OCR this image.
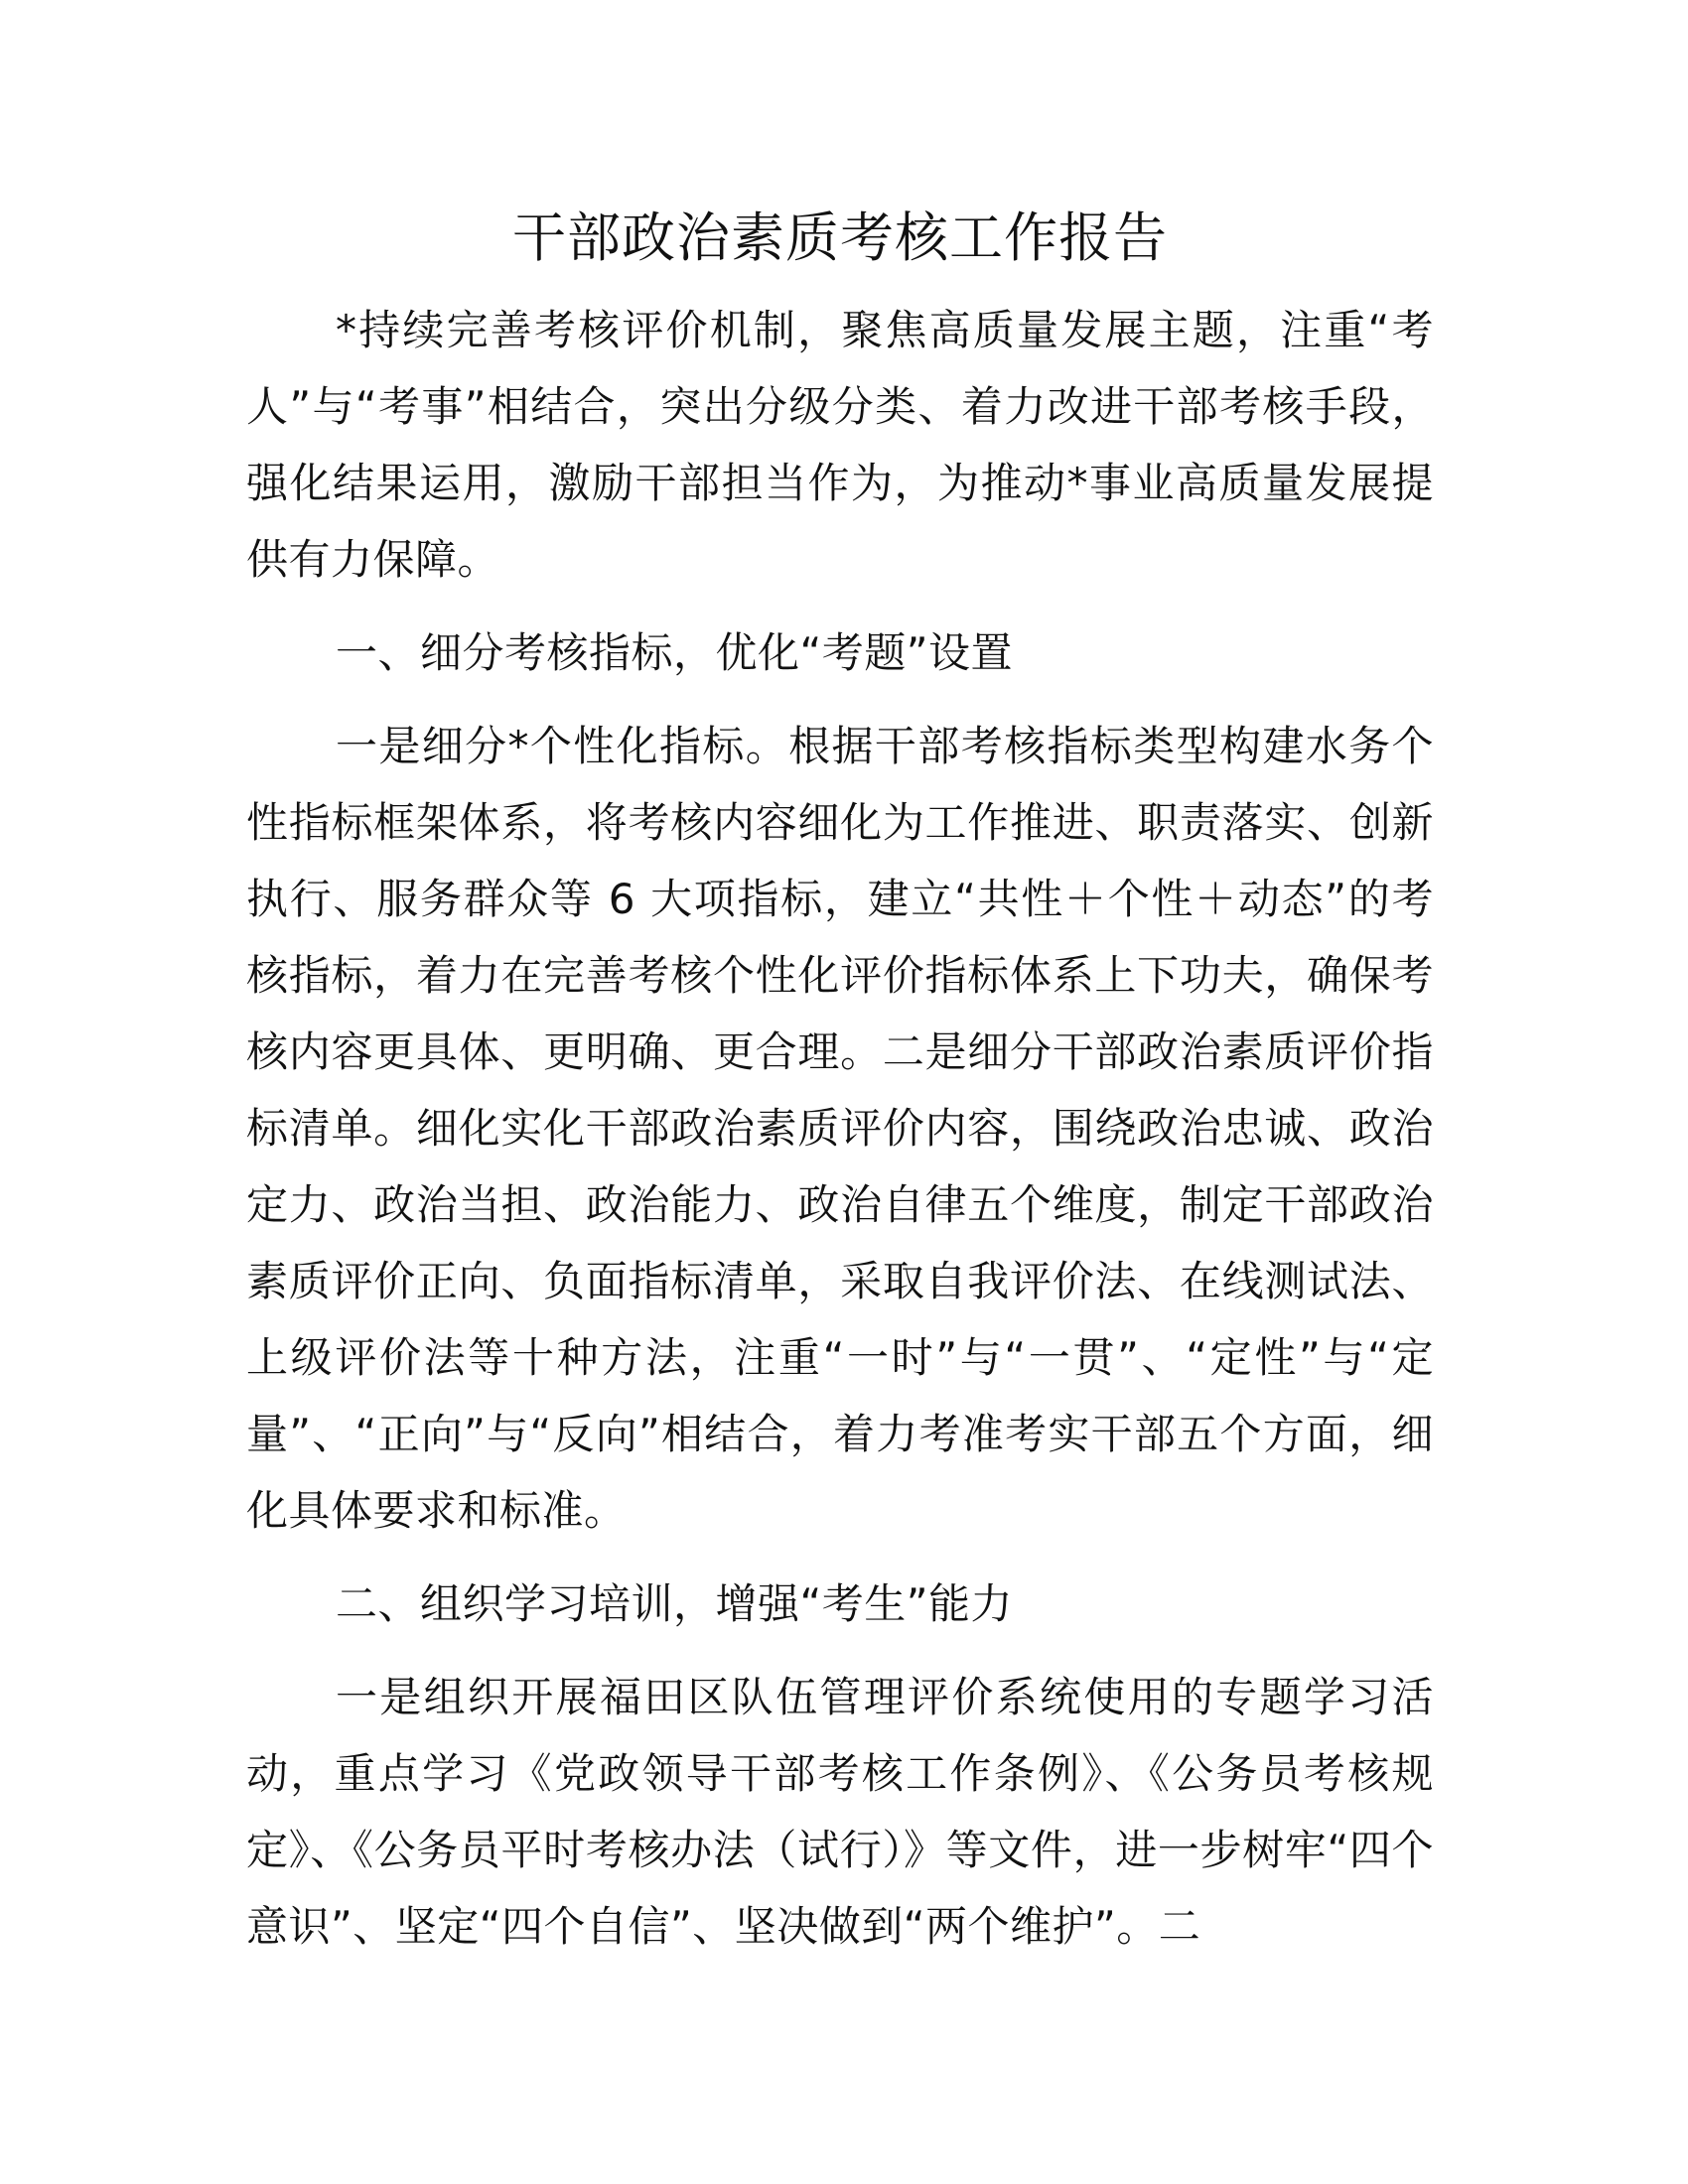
干部政治素质考核工作报告

*持续完善考核评价机制，聚焦高质量发展主题，注重“考人”与“考事”相结合，突出分级分类、着力改进干部考核手段，强化结果运用，激励干部担当作为，为推动*事业高质量发展提供有力保障。

一、细分考核指标，优化“考题”设置

一是细分*个性化指标。根据干部考核指标类型构建水务个性指标框架体系，将考核内容细化为工作推进、职责落实、创新执行、服务群众等 6 大项指标，建立“共性＋个性＋动态”的考核指标，着力在完善考核个性化评价指标体系上下功夫，确保考核内容更具体、更明确、更合理。二是细分干部政治素质评价指标清单。细化实化干部政治素质评价内容，围绕政治忠诚、政治定力、政治当担、政治能力、政治自律五个维度，制定干部政治素质评价正向、负面指标清单，采取自我评价法、在线测试法、上级评价法等十种方法，注重“一时”与“一贯”、“定性”与“定量”、“正向”与“反向”相结合，着力考准考实干部五个方面，细化具体要求和标准。

二、组织学习培训，增强“考生”能力

一是组织开展福田区队伍管理评价系统使用的专题学习活动，重点学习《党政领导干部考核工作条例》、《公务员考核规定》、《公务员平时考核办法（试行）》等文件，进一步树牢“四个意识”、坚定“四个自信”、坚决做到“两个维护”。二
